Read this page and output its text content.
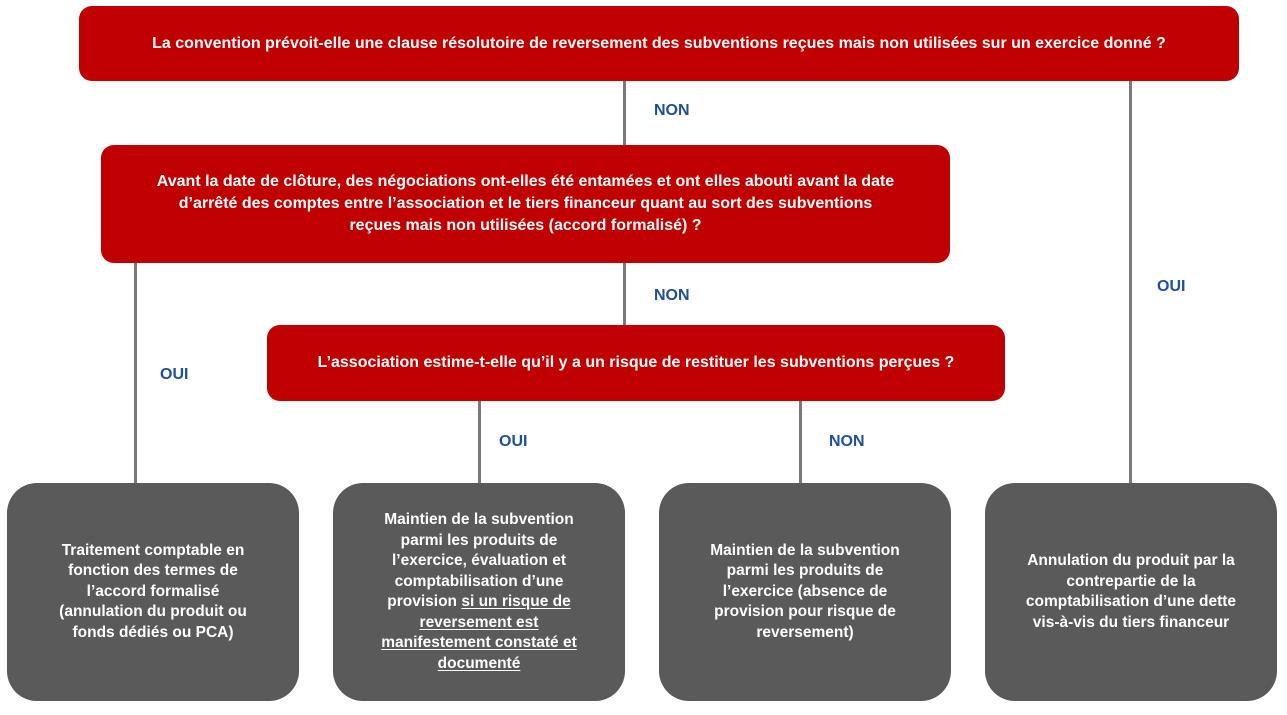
La convention prévoit-elle une clause résolutoire de reversement des subventions reçues mais non utilisées sur un exercice donné ?
Avant la date de clôture, des négociations ont-elles été entamées et ont elles abouti avant la date
d’arrêté des comptes entre l’association et le tiers financeur quant au sort des subventions
reçues mais non utilisées (accord formalisé) ?
L’association estime-t-elle qu’il y a un risque de restituer les subventions perçues ?
NON
OUI
NON
OUI
OUI	NON
Traitement comptable en
fonction des termes de
l’accord formalisé
(annulation du produit ou
fonds dédiés ou PCA)
Maintien de la subvention
parmi les produits de
l’exercice, évaluation et
comptabilisation d’une
provision si un risque de
reversement est
manifestement constaté et
documenté
Maintien de la subvention
parmi les produits de
l’exercice (absence de
provision pour risque de
reversement)
Annulation du produit par la
contrepartie de la
comptabilisation d’une dette
vis-à-vis du tiers financeur
